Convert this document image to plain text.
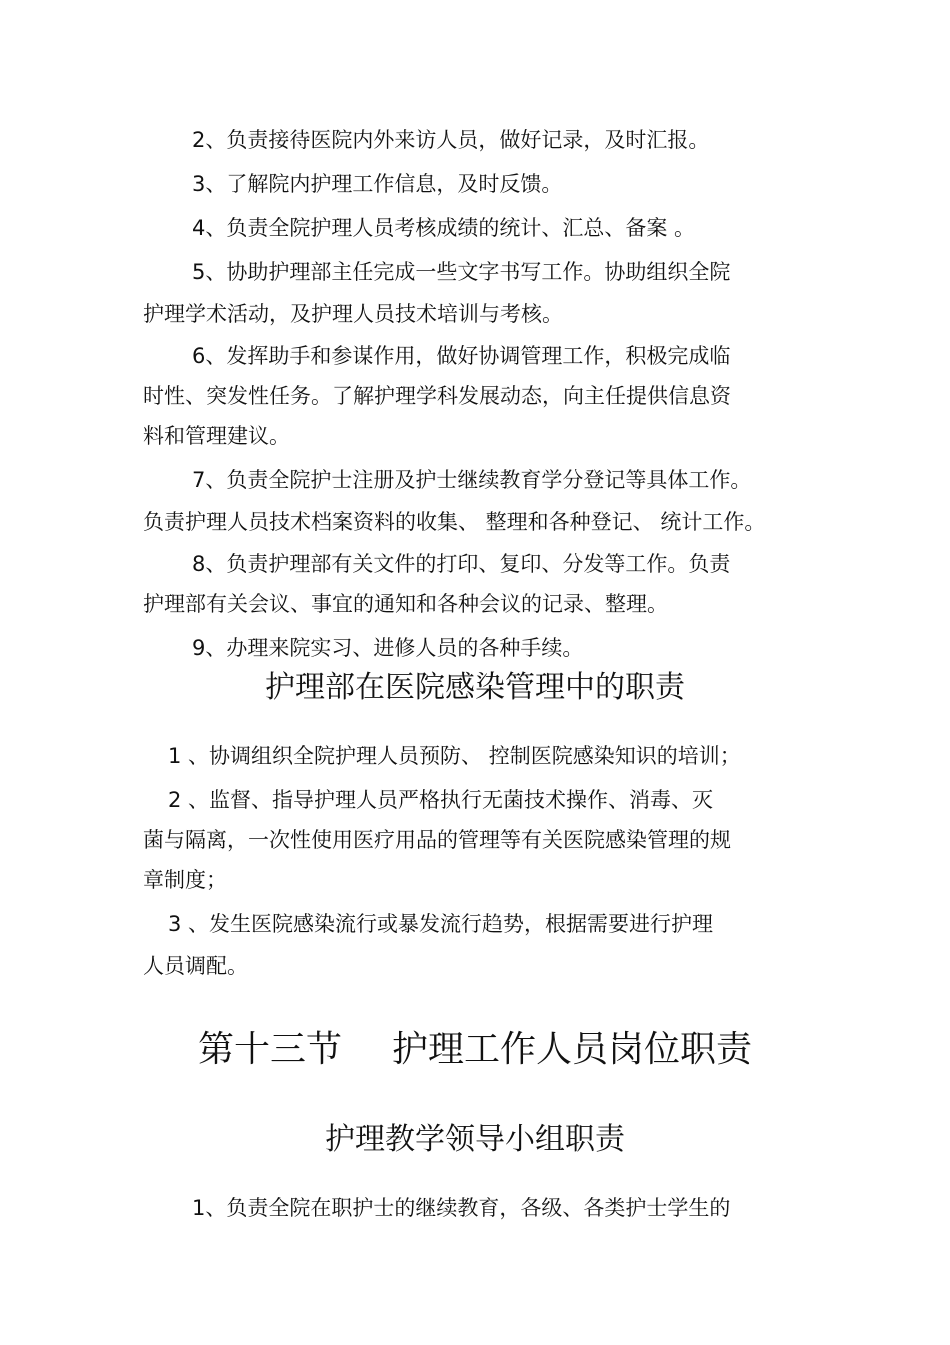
2、负责接待医院内外来访人员，做好记录，及时汇报。
3、了解院内护理工作信息，及时反馈。
4、负责全院护理人员考核成绩的统计、汇总、备案 。
5、协助护理部主任完成一些文字书写工作。协助组织全院
护理学术活动，及护理人员技术培训与考核。
6、发挥助手和参谋作用，做好协调管理工作，积极完成临
时性、突发性任务。了解护理学科发展动态，向主任提供信息资
料和管理建议。
7、负责全院护士注册及护士继续教育学分登记等具体工作。
负责护理人员技术档案资料的收集、 整理和各种登记、 统计工作。
8、负责护理部有关文件的打印、复印、分发等工作。负责
护理部有关会议、事宜的通知和各种会议的记录、整理。
9、办理来院实习、进修人员的各种手续。
护理部在医院感染管理中的职责
1 、协调组织全院护理人员预防、 控制医院感染知识的培训；
2 、监督、指导护理人员严格执行无菌技术操作、消毒、灭
菌与隔离，一次性使用医疗用品的管理等有关医院感染管理的规
章制度；
3 、发生医院感染流行或暴发流行趋势，根据需要进行护理
人员调配。
第十三节 护理工作人员岗位职责
护理教学领导小组职责
1、负责全院在职护士的继续教育，各级、各类护士学生的
